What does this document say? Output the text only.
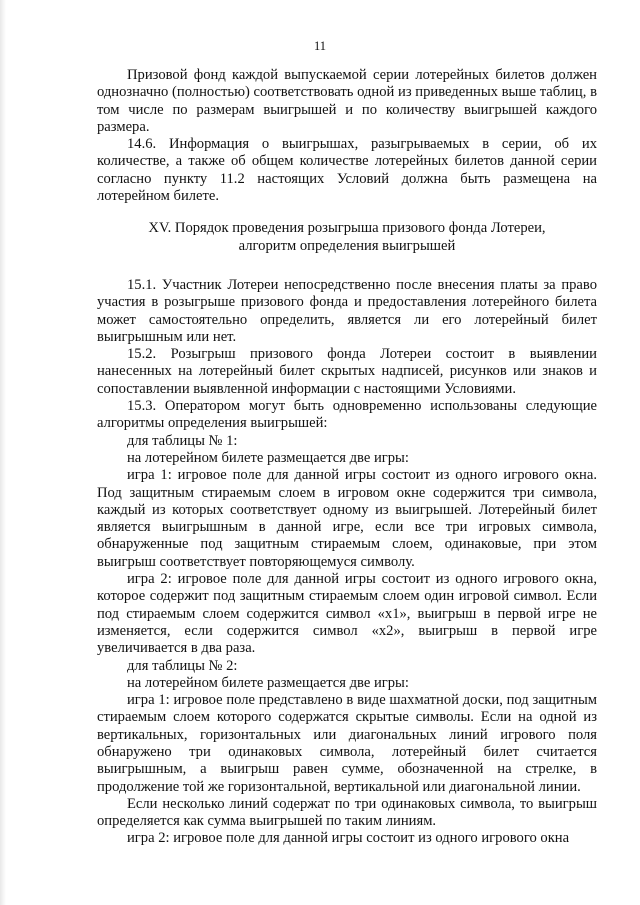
11

Призовой фонд каждой выпускаемой серии лотерейных билетов должен однозначно (полностью) соответствовать одной из приведенных выше таблиц, в том числе по размерам выигрышей и по количеству выигрышей каждого размера.

14.6. Информация о выигрышах, разыгрываемых в серии, об их количестве, а также об общем количестве лотерейных билетов данной серии согласно пункту 11.2 настоящих Условий должна быть размещена на лотерейном билете.

XV. Порядок проведения розыгрыша призового фонда Лотереи,
алгоритм определения выигрышей

15.1. Участник Лотереи непосредственно после внесения платы за право участия в розыгрыше призового фонда и предоставления лотерейного билета может самостоятельно определить, является ли его лотерейный билет выигрышным или нет.

15.2. Розыгрыш призового фонда Лотереи состоит в выявлении нанесенных на лотерейный билет скрытых надписей, рисунков или знаков и сопоставлении выявленной информации с настоящими Условиями.

15.3. Оператором могут быть одновременно использованы следующие алгоритмы определения выигрышей:

для таблицы № 1:

на лотерейном билете размещается две игры:

игра 1: игровое поле для данной игры состоит из одного игрового окна. Под защитным стираемым слоем в игровом окне содержится три символа, каждый из которых соответствует одному из выигрышей. Лотерейный билет является выигрышным в данной игре, если все три игровых символа, обнаруженные под защитным стираемым слоем, одинаковые, при этом выигрыш соответствует повторяющемуся символу.

игра 2: игровое поле для данной игры состоит из одного игрового окна, которое содержит под защитным стираемым слоем один игровой символ. Если под стираемым слоем содержится символ «х1», выигрыш в первой игре не изменяется, если содержится символ «х2», выигрыш в первой игре увеличивается в два раза.

для таблицы № 2:

на лотерейном билете размещается две игры:

игра 1: игровое поле представлено в виде шахматной доски, под защитным стираемым слоем которого содержатся скрытые символы. Если на одной из вертикальных, горизонтальных или диагональных линий игрового поля обнаружено три одинаковых символа, лотерейный билет считается выигрышным, а выигрыш равен сумме, обозначенной на стрелке, в продолжение той же горизонтальной, вертикальной или диагональной линии.

Если несколько линий содержат по три одинаковых символа, то выигрыш определяется как сумма выигрышей по таким линиям.

игра 2: игровое поле для данной игры состоит из одного игрового окна
